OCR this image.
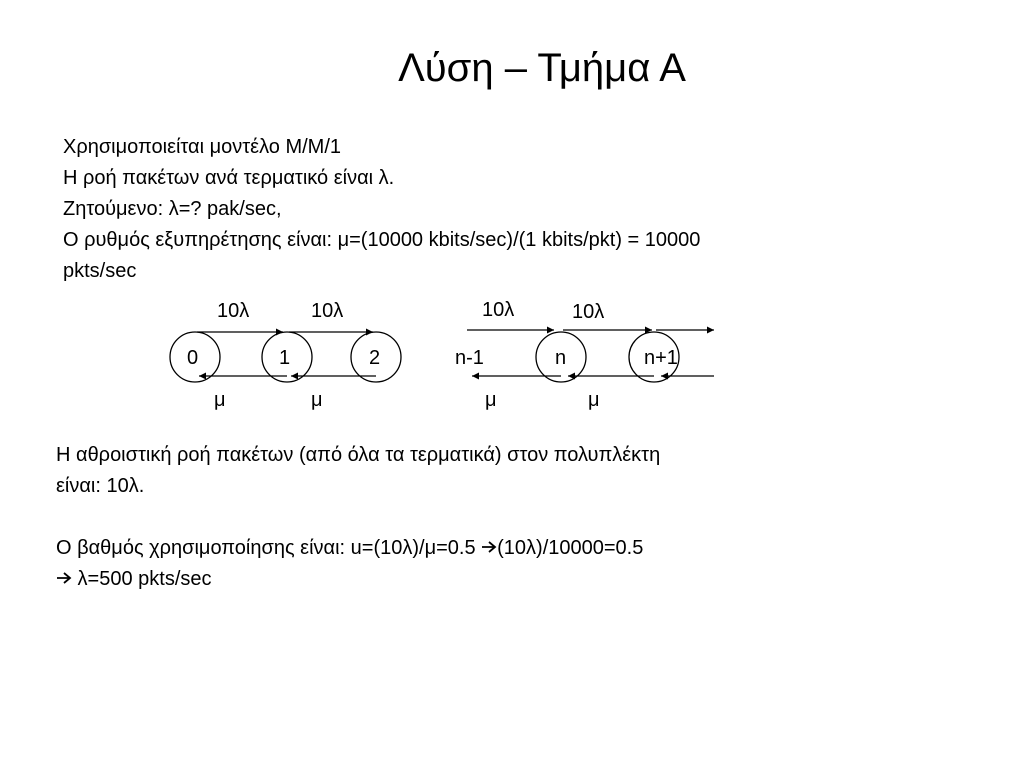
Λύση – Τμήμα Α
Χρησιμοποιείται μοντέλο M/M/1
Η ροή πακέτων ανά τερματικό είναι λ.
Ζητούμενο: λ=? pak/sec,
O ρυθμός εξυπηρέτησης είναι: μ=(10000 kbits/sec)/(1 kbits/pkt) = 10000
pkts/sec
0	1	2	n-1	n	n+1
10λ	10λ	10λ	10λ
μ	μ	μ	μ
Η αθροιστική ροή πακέτων (από όλα τα τερματικά) στον πολυπλέκτη
είναι: 10λ.
O βαθμός χρησιμοποίησης είναι: u=(10λ)/μ=0.5 (10λ)/10000=0.5
λ=500 pkts/sec
